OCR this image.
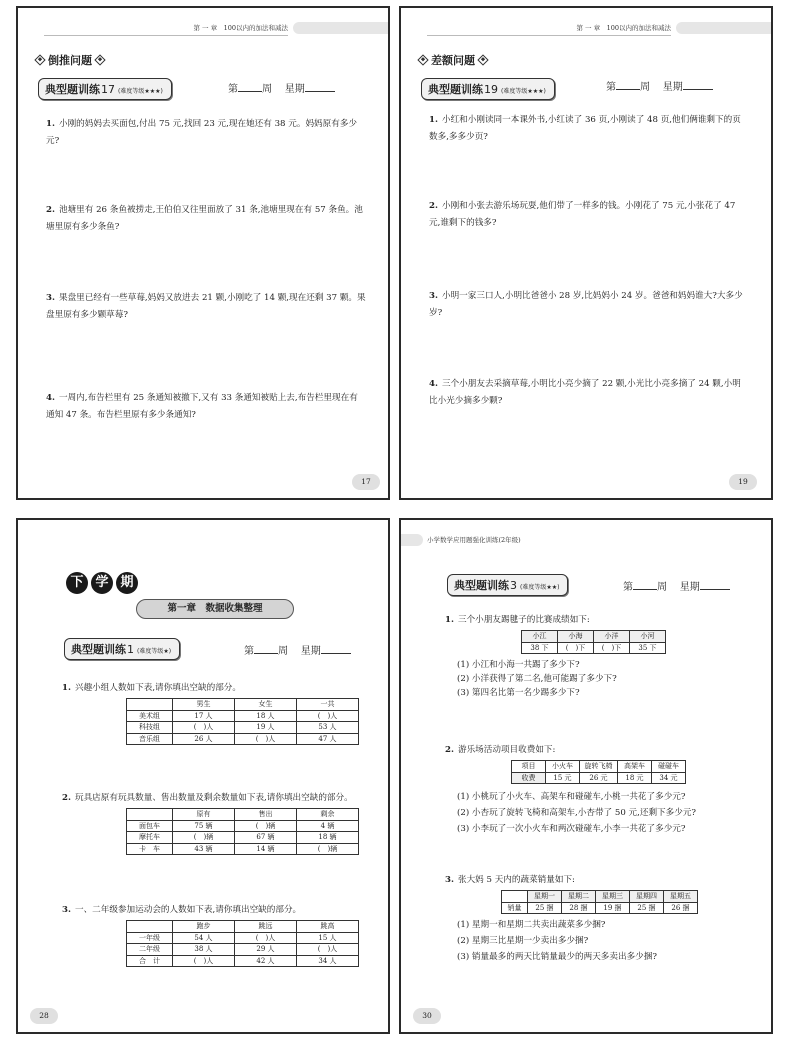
第 一 章　100以内的加法和减法
倒推问题
典型题训练 17 (难度等级★★★)	第 周 星期
1. 小刚的妈妈去买面包,付出 75 元,找回 23 元,现在她还有 38 元。妈妈原有多少元?
2. 池塘里有 26 条鱼被捞走,王伯伯又往里面放了 31 条,池塘里现在有 57 条鱼。池塘里原有多少条鱼?
3. 果盘里已经有一些草莓,妈妈又放进去 21 颗,小刚吃了 14 颗,现在还剩 37 颗。果盘里原有多少颗草莓?
4. 一周内,布告栏里有 25 条通知被撤下,又有 33 条通知被贴上去,布告栏里现在有通知 47 条。布告栏里原有多少条通知?
17
第 一 章　100以内的加法和减法
差额问题
典型题训练 19 (难度等级★★★)	第 周 星期
1. 小红和小刚读同一本课外书,小红读了 36 页,小刚读了 48 页,他们俩谁剩下的页数多,多多少页?
2. 小刚和小张去游乐场玩耍,他们带了一样多的钱。小刚花了 75 元,小张花了 47 元,谁剩下的钱多?
3. 小明一家三口人,小明比爸爸小 28 岁,比妈妈小 24 岁。爸爸和妈妈谁大?大多少岁?
4. 三个小朋友去采摘草莓,小明比小亮少摘了 22 颗,小光比小亮多摘了 24 颗,小明比小光少摘多少颗?
19
下 学 期
第一章　数据收集整理
典型题训练 1 (难度等级★)	第 周 星期
1. 兴趣小组人数如下表,请你填出空缺的部分。
	男生	女生	一共
美术组	17 人	18 人	(　)人
科技组	(　)人	19 人	53 人
音乐组	26 人	(　)人	47 人
2. 玩具店原有玩具数量、售出数量及剩余数量如下表,请你填出空缺的部分。
	原有	售出	剩余
面包车	75 辆	(　)辆	4 辆
摩托车	(　)辆	67 辆	18 辆
卡　车	43 辆	14 辆	(　)辆
3. 一、二年级参加运动会的人数如下表,请你填出空缺的部分。
	跑步	跳远	跳高
一年级	54 人	(　)人	15 人
二年级	38 人	29 人	(　)人
合　计	(　)人	42 人	34 人
28
小学数学应用题强化训练(2年级)
典型题训练 3 (难度等级★★)	第 周 星期
1. 三个小朋友踢毽子的比赛成绩如下:
小江	小海	小洋	小河
38 下	(　)下	(　)下	35 下
(1) 小江和小海一共踢了多少下?
(2) 小洋获得了第二名,他可能踢了多少下?
(3) 第四名比第一名少踢多少下?
2. 游乐场活动项目收费如下:
项目	小火车	旋转飞椅	高架车	碰碰车
收费	15 元	26 元	18 元	34 元
(1) 小桃玩了小火车、高架车和碰碰车,小桃一共花了多少元?
(2) 小杏玩了旋转飞椅和高架车,小杏带了 50 元,还剩下多少元?
(3) 小李玩了一次小火车和两次碰碰车,小李一共花了多少元?
3. 张大妈 5 天内的蔬菜销量如下:
	星期一	星期二	星期三	星期四	星期五
销量	25 捆	28 捆	19 捆	25 捆	26 捆
(1) 星期一和星期二共卖出蔬菜多少捆?
(2) 星期三比星期一少卖出多少捆?
(3) 销量最多的两天比销量最少的两天多卖出多少捆?
30
